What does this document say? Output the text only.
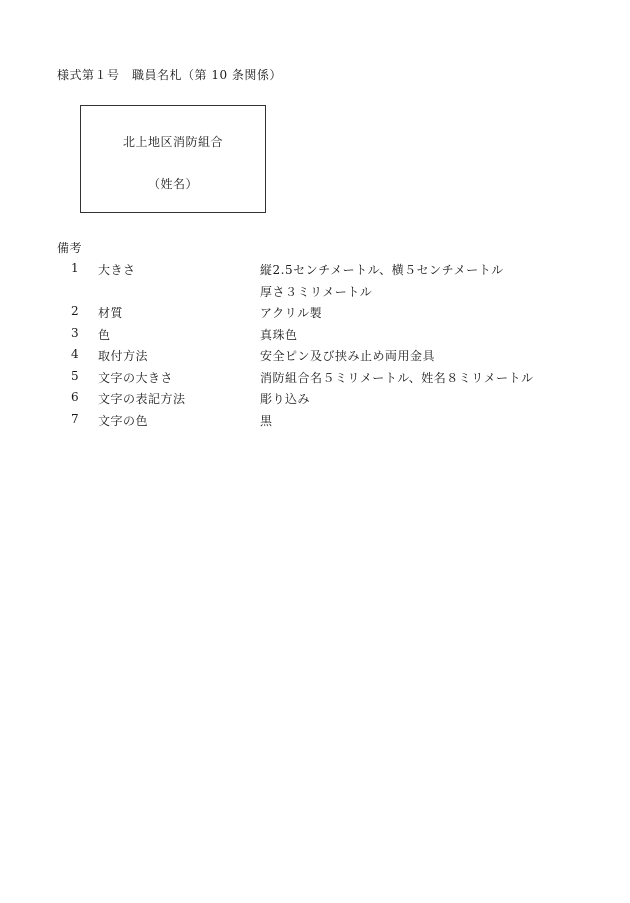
様式第１号　職員名札（第 10 条関係）
北上地区消防組合
（姓名）
備考
1	大きさ	縦2.5センチメートル、横５センチメートル
厚さ３ミリメートル
2	材質	アクリル製
3	色	真珠色
4	取付方法	安全ピン及び挟み止め両用金具
5	文字の大きさ	消防組合名５ミリメートル、姓名８ミリメートル
6	文字の表記方法	彫り込み
7	文字の色	黒
